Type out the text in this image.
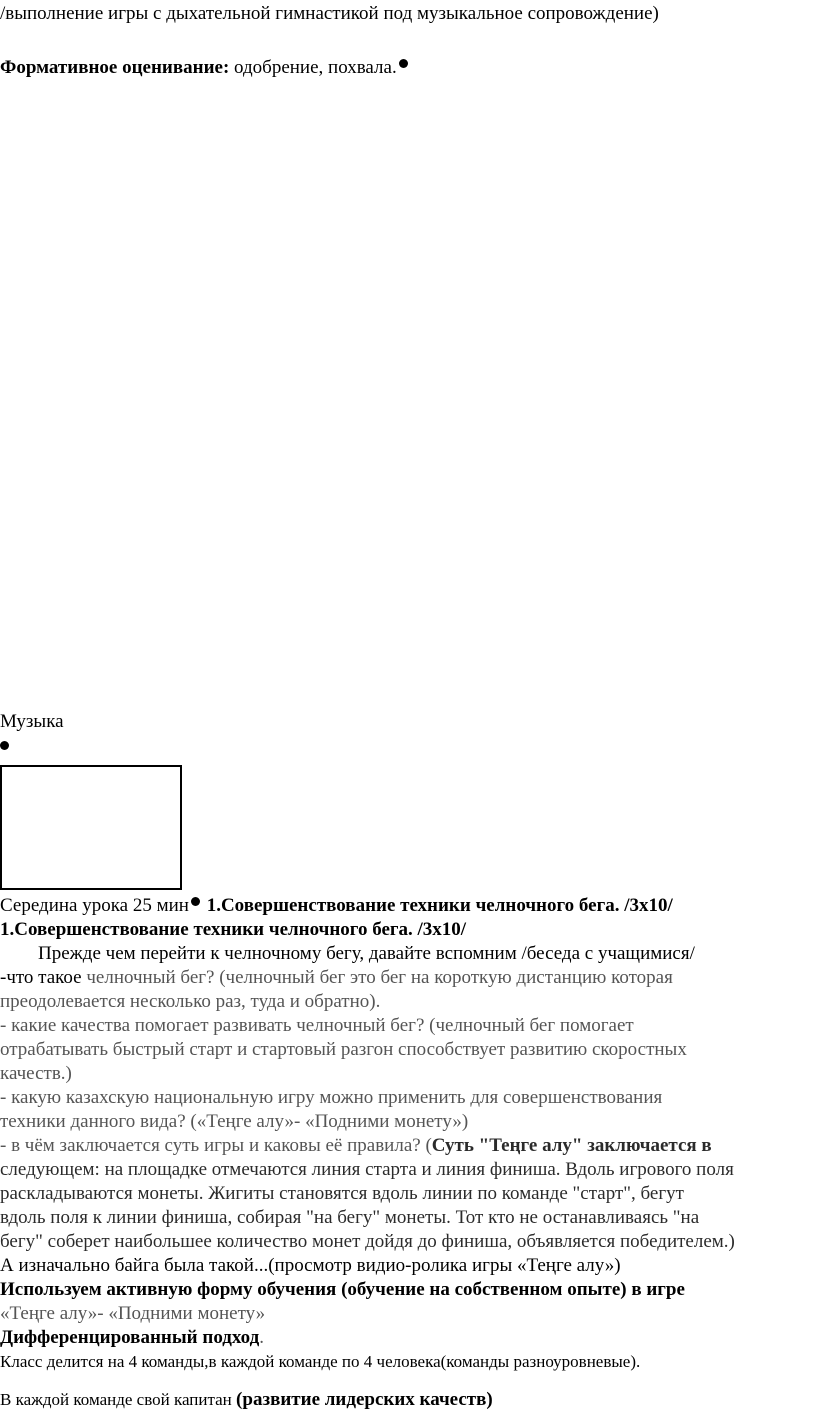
/выполнение игры с дыхательной гимнастикой под музыкальное сопровождение)
Формативное оценивание: одобрение, похвала.
Музыка
Середина урока 25 мин 1.Совершенствование техники челночного бега. /3х10/
1.Совершенствование техники челночного бега. /3х10/
Прежде чем перейти к челночному бегу, давайте вспомним /беседа с учащимися/
-что такое челночный бег? (челночный бег это бег на короткую дистанцию которая
преодолевается несколько раз, туда и обратно).
- какие качества помогает развивать челночный бег? (челночный бег помогает
отрабатывать быстрый старт и стартовый разгон способствует развитию скоростных
качеств.)
- какую казахскую национальную игру можно применить для совершенствования
техники данного вида? («Теңге алу»- «Подними монету»)
- в чём заключается суть игры и каковы её правила? (Суть "Теңге алу" заключается в
следующем: на площадке отмечаются линия старта и линия финиша. Вдоль игрового поля
раскладываются монеты. Жигиты становятся вдоль линии по команде "старт", бегут
вдоль поля к линии финиша, собирая "на бегу" монеты. Тот кто не останавливаясь "на
бегу" соберет наибольшее количество монет дойдя до финиша, объявляется победителем.)
А изначально байга была такой...(просмотр видио-ролика игры «Теңге алу»)
Используем активную форму обучения (обучение на собственном опыте) в игре
«Теңге алу»- «Подними монету»
Дифференцированный подход.
Класс делится на 4 команды,в каждой команде по 4 человека(команды разноуровневые).
В каждой команде свой капитан (развитие лидерских качеств)
